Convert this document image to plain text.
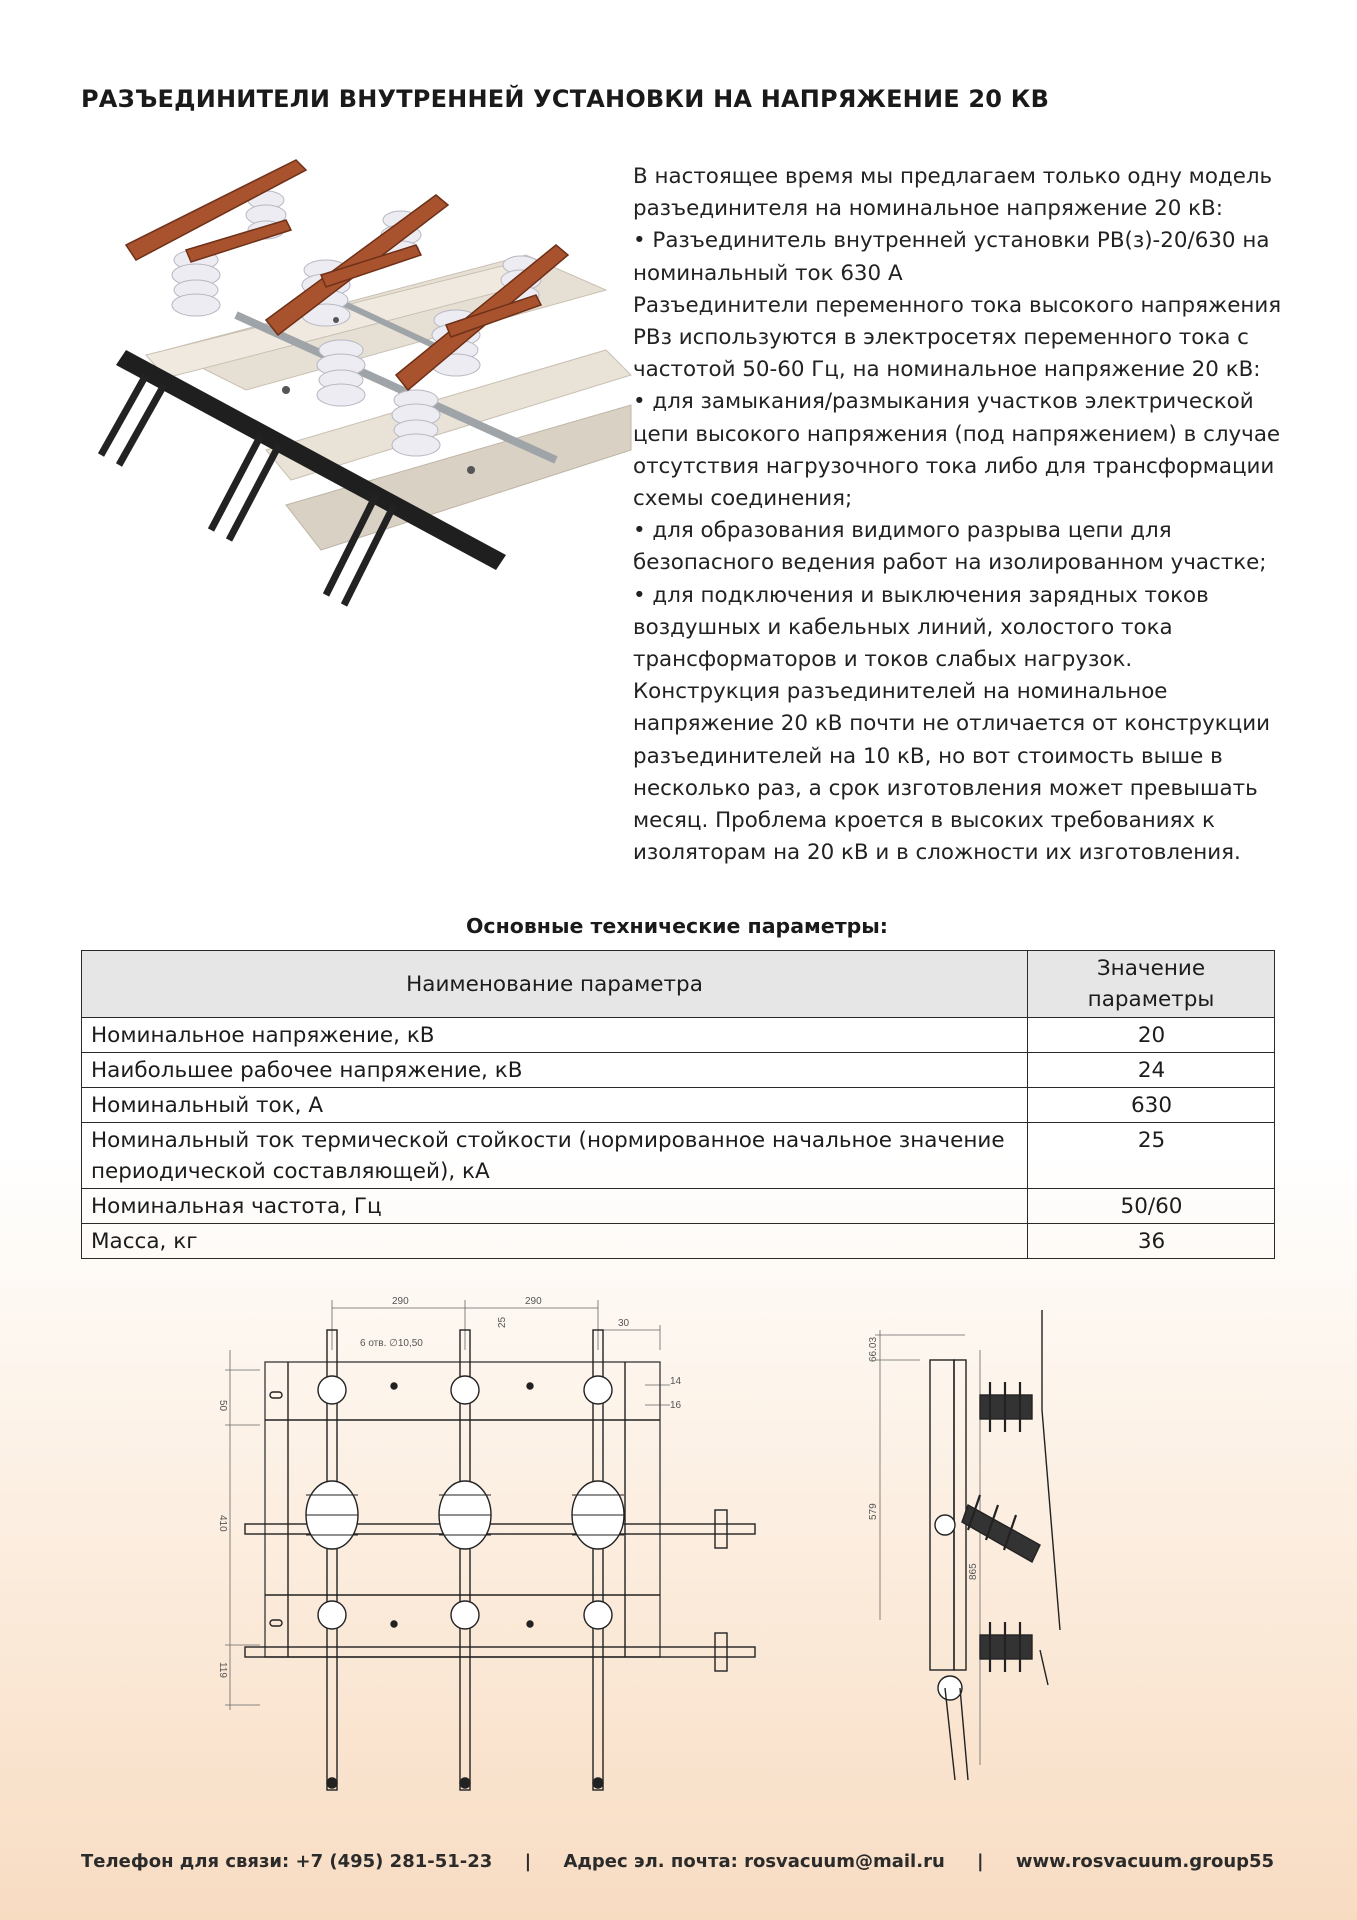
РАЗЪЕДИНИТЕЛИ ВНУТРЕННЕЙ УСТАНОВКИ НА НАПРЯЖЕНИЕ 20 КВ

В настоящее время мы предлагаем только одну модель разъединителя на номинальное напряжение 20 кВ:

• Разъединитель внутренней установки РВ(з)-20/630 на номинальный ток 630 А

Разъединители переменного тока высокого напряжения РВз используются в электросетях переменного тока с частотой 50-60 Гц, на номинальное напряжение 20 кВ:

• для замыкания/размыкания участков электрической цепи высокого напряжения (под напряжением) в случае отсутствия нагрузочного тока либо для трансформации схемы соединения;

• для образования видимого разрыва цепи для безопасного ведения работ на изолированном участке;

• для подключения и выключения зарядных токов воздушных и кабельных линий, холостого тока трансформаторов и токов слабых нагрузок.

Конструкция разъединителей на номинальное напряжение 20 кВ почти не отличается от конструкции разъединителей на 10 кВ, но вот стоимость выше в несколько раз, а срок изготовления может превышать месяц. Проблема кроется в высоких требованиях к изоляторам на 20 кВ и в сложности их изготовления.

Основные технические параметры:
Наименование параметра	Значение параметры
Номинальное напряжение, кВ	20
Наибольшее рабочее напряжение, кВ	24
Номинальный ток, А	630
Номинальный ток термической стойкости (нормированное начальное значение периодической составляющей), кА	25
Номинальная частота, Гц	50/60
Масса, кг	36
290	290
30
25
6 отв. ∅10,50
50
410
119
14
16
66.03
579
865
Телефон для связи: +7 (495) 281-51-23 | Адрес эл. почта: rosvacuum@mail.ru | www.rosvacuum.group 55
